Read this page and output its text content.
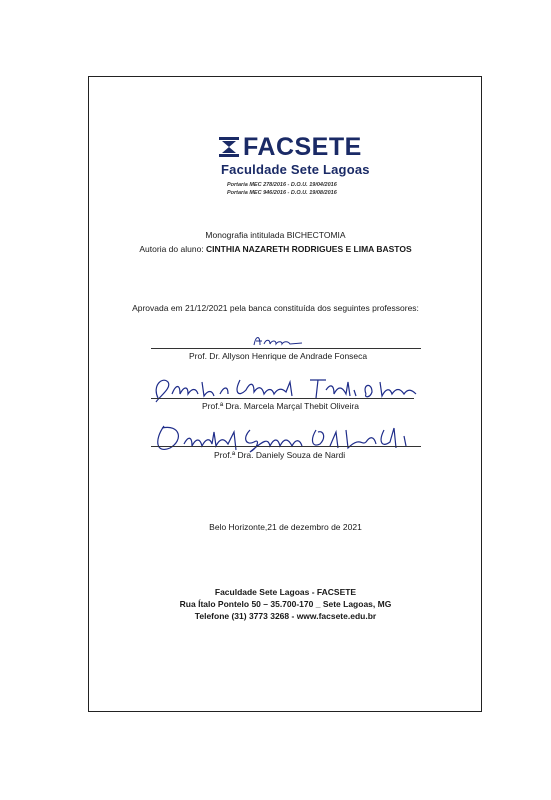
FACSETE
Faculdade Sete Lagoas
Portaria MEC 278/2016 - D.O.U. 19/04/2016
Portaria MEC 946/2016 - D.O.U. 19/08/2016
Monografia intitulada BICHECTOMIA
Autoria do aluno: CINTHIA NAZARETH RODRIGUES E LIMA BASTOS
Aprovada em 21/12/2021 pela banca constituída dos seguintes professores:
Prof. Dr. Allyson Henrique de Andrade Fonseca
Prof.ª Dra. Marcela Marçal Thebit Oliveira
Prof.ª Dra. Daniely Souza de Nardi
Belo Horizonte,21 de dezembro de 2021
Faculdade Sete Lagoas - FACSETE
Rua Ítalo Pontelo 50 – 35.700-170 _ Sete Lagoas, MG
Telefone (31) 3773 3268 - www.facsete.edu.br
